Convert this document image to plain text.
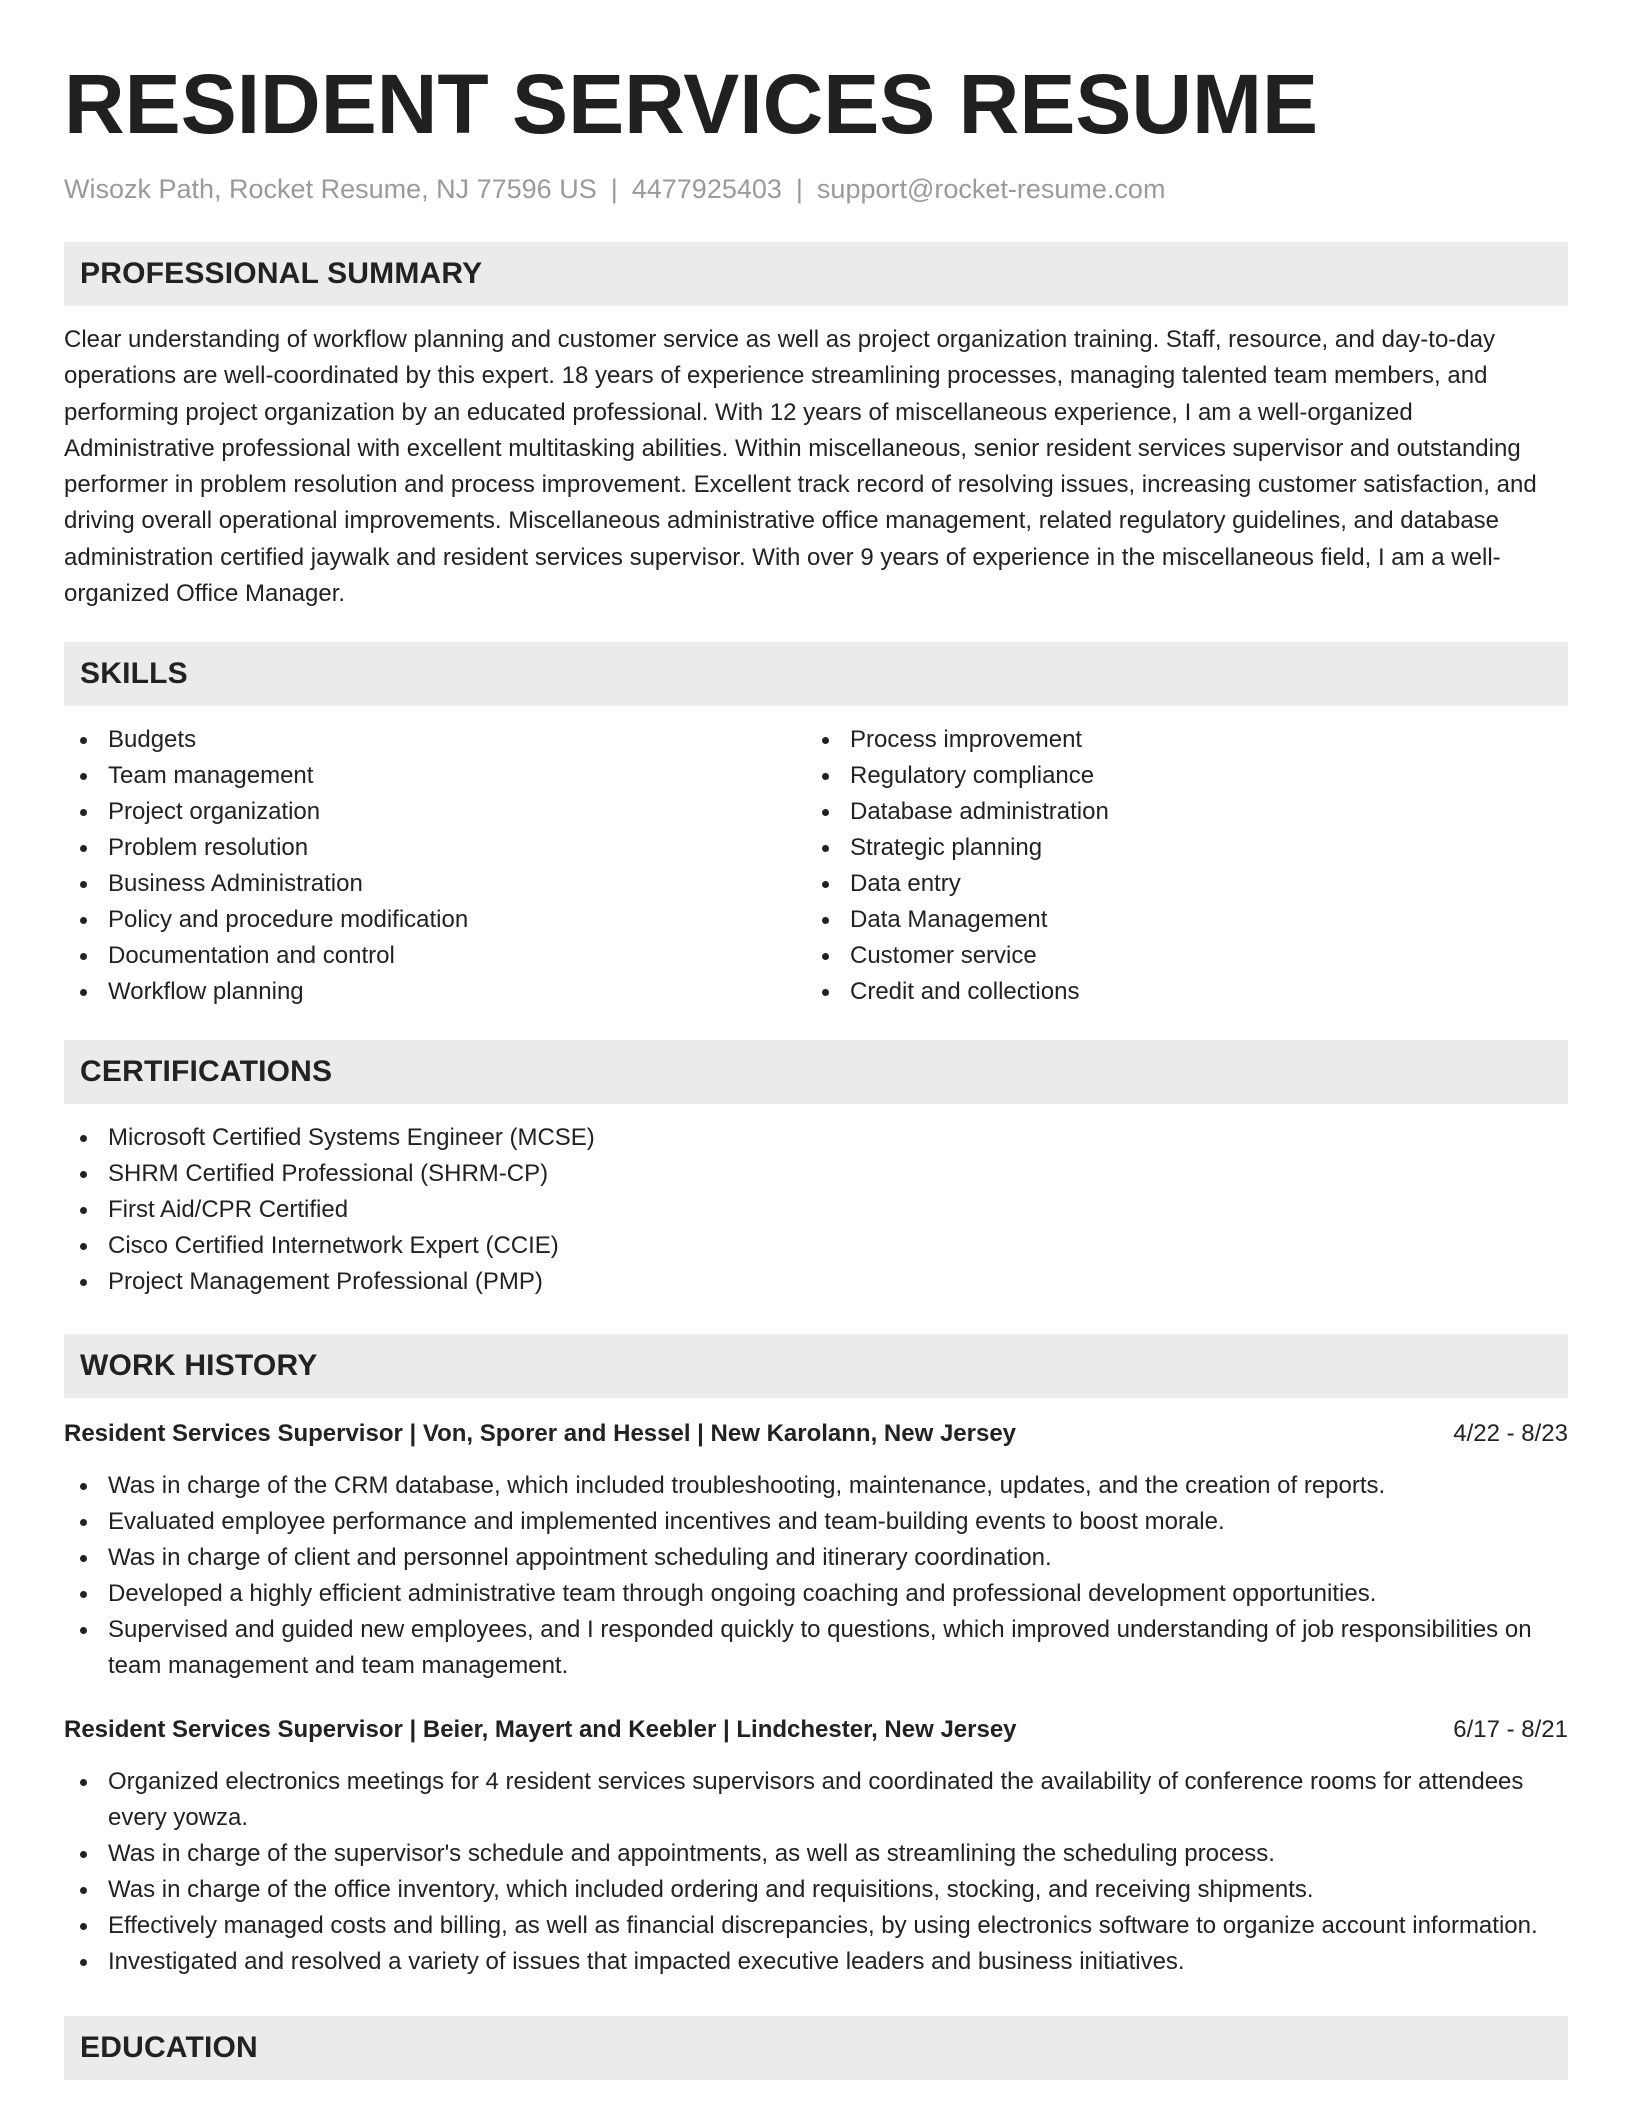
RESIDENT SERVICES RESUME
Wisozk Path, Rocket Resume, NJ 77596 US | 4477925403 | support@rocket-resume.com
PROFESSIONAL SUMMARY

Clear understanding of workflow planning and customer service as well as project organization training. Staff, resource, and day-to-day operations are well-coordinated by this expert. 18 years of experience streamlining processes, managing talented team members, and performing project organization by an educated professional. With 12 years of miscellaneous experience, I am a well-organized Administrative professional with excellent multitasking abilities. Within miscellaneous, senior resident services supervisor and outstanding performer in problem resolution and process improvement. Excellent track record of resolving issues, increasing customer satisfaction, and driving overall operational improvements. Miscellaneous administrative office management, related regulatory guidelines, and database administration certified jaywalk and resident services supervisor. With over 9 years of experience in the miscellaneous field, I am a well-organized Office Manager.

SKILLS
Budgets
Team management
Project organization
Problem resolution
Business Administration
Policy and procedure modification
Documentation and control
Workflow planning
Process improvement
Regulatory compliance
Database administration
Strategic planning
Data entry
Data Management
Customer service
Credit and collections
CERTIFICATIONS
Microsoft Certified Systems Engineer (MCSE)
SHRM Certified Professional (SHRM-CP)
First Aid/CPR Certified
Cisco Certified Internetwork Expert (CCIE)
Project Management Professional (PMP)
WORK HISTORY
Resident Services Supervisor | Von, Sporer and Hessel | New Karolann, New Jersey	4/22 - 8/23
Was in charge of the CRM database, which included troubleshooting, maintenance, updates, and the creation of reports.
Evaluated employee performance and implemented incentives and team-building events to boost morale.
Was in charge of client and personnel appointment scheduling and itinerary coordination.
Developed a highly efficient administrative team through ongoing coaching and professional development opportunities.
Supervised and guided new employees, and I responded quickly to questions, which improved understanding of job responsibilities on team management and team management.
Resident Services Supervisor | Beier, Mayert and Keebler | Lindchester, New Jersey	6/17 - 8/21
Organized electronics meetings for 4 resident services supervisors and coordinated the availability of conference rooms for attendees every yowza.
Was in charge of the supervisor's schedule and appointments, as well as streamlining the scheduling process.
Was in charge of the office inventory, which included ordering and requisitions, stocking, and receiving shipments.
Effectively managed costs and billing, as well as financial discrepancies, by using electronics software to organize account information.
Investigated and resolved a variety of issues that impacted executive leaders and business initiatives.
EDUCATION
